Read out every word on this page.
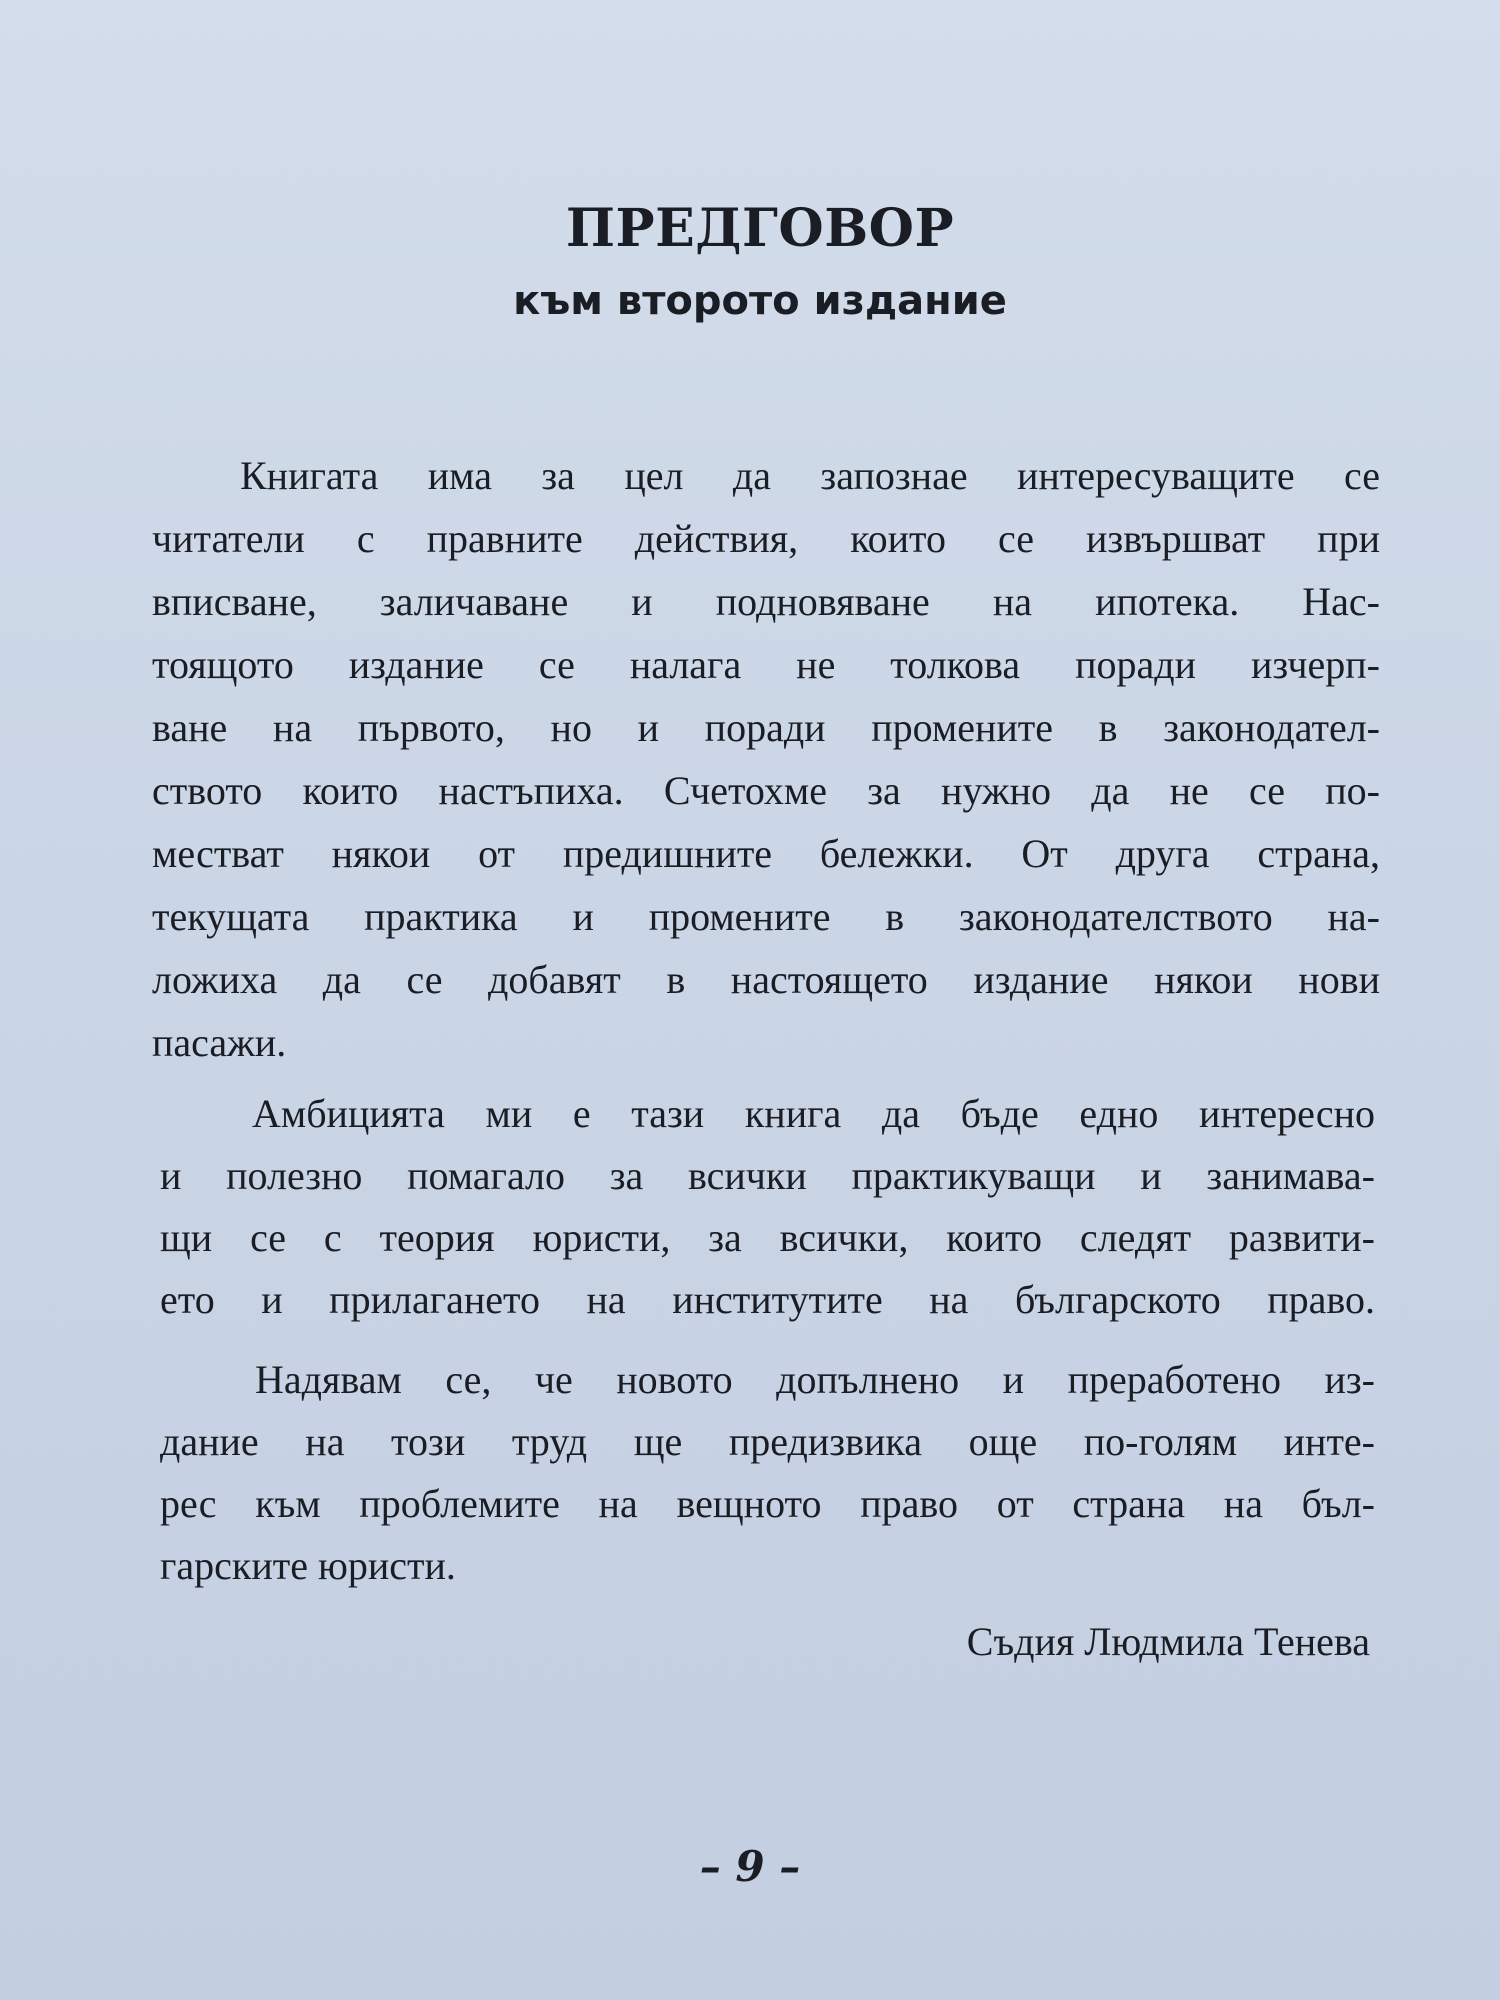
ПРЕДГОВОР
към второто издание
Книгата има за цел да запознае интересуващите се
читатели с правните действия, които се извършват при
вписване, заличаване и подновяване на ипотека. Нас-
тоящото издание се налага не толкова поради изчерп-
ване на първото, но и поради промените в законодател-
ството които настъпиха. Счетохме за нужно да не се по-
местват някои от предишните бележки. От друга страна,
текущата практика и промените в законодателството на-
ложиха да се добавят в настоящето издание някои нови
пасажи.
Амбицията ми е тази книга да бъде едно интересно
и полезно помагало за всички практикуващи и занимава-
щи се с теория юристи, за всички, които следят развити-
ето и прилагането на институтите на българското право.
Надявам се, че новото допълнено и преработено из-
дание на този труд ще предизвика още по-голям инте-
рес към проблемите на вещното право от страна на бъл-
гарските юристи.
Съдия Людмила Тенева
– 9 –
